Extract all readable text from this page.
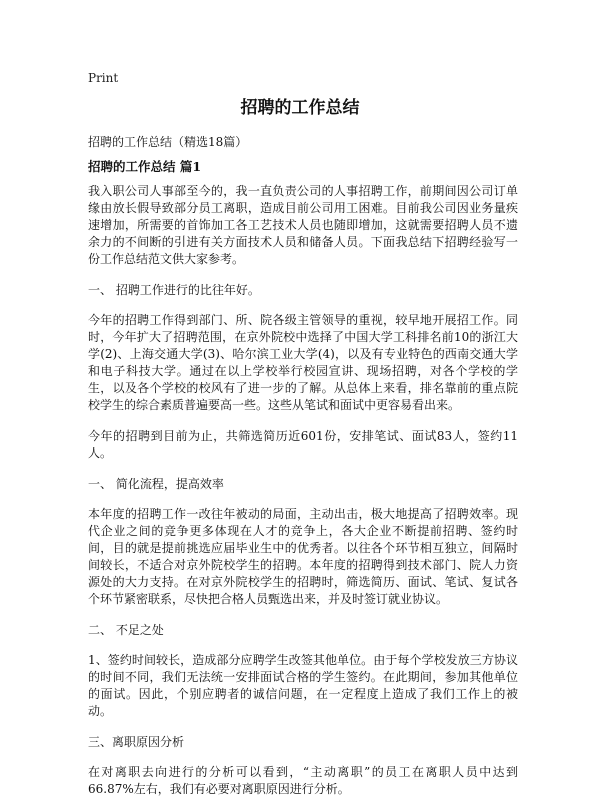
Print
招聘的工作总结

招聘的工作总结（精选18篇）

招聘的工作总结 篇1

我入职公司人事部至今的，我一直负责公司的人事招聘工作，前期间因公司订单缘由放长假导致部分员工离职，造成目前公司用工困难。目前我公司因业务量疾速增加，所需要的首饰加工各工艺技术人员也随即增加，这就需要招聘人员不遗余力的不间断的引进有关方面技术人员和储备人员。下面我总结下招聘经验写一份工作总结范文供大家参考。

一、 招聘工作进行的比往年好。

今年的招聘工作得到部门、所、院各级主管领导的重视，较早地开展招工作。同时，今年扩大了招聘范围，在京外院校中选择了中国大学工科排名前10的浙江大学(2)、上海交通大学(3)、哈尔滨工业大学(4)，以及有专业特色的西南交通大学和电子科技大学。通过在以上学校举行校园宣讲、现场招聘，对各个学校的学生，以及各个学校的校风有了进一步的了解。从总体上来看，排名靠前的重点院校学生的综合素质普遍要高一些。这些从笔试和面试中更容易看出来。

今年的招聘到目前为止，共筛选简历近601份，安排笔试、面试83人，签约11人。

一、 简化流程，提高效率

本年度的招聘工作一改往年被动的局面，主动出击，极大地提高了招聘效率。现代企业之间的竞争更多体现在人才的竞争上，各大企业不断提前招聘、签约时间，目的就是提前挑选应届毕业生中的优秀者。以往各个环节相互独立，间隔时间较长，不适合对京外院校学生的招聘。本年度的招聘得到技术部门、院人力资源处的大力支持。在对京外院校学生的招聘时，筛选简历、面试、笔试、复试各个环节紧密联系，尽快把合格人员甄选出来，并及时签订就业协议。

二、 不足之处

1、签约时间较长，造成部分应聘学生改签其他单位。由于每个学校发放三方协议的时间不同，我们无法统一安排面试合格的学生签约。在此期间，参加其他单位的面试。因此，个别应聘者的诚信问题，在一定程度上造成了我们工作上的被动。

三、离职原因分析

在对离职去向进行的分析可以看到，“主动离职”的员工在离职人员中达到66.87%左右，我们有必要对离职原因进行分析。
